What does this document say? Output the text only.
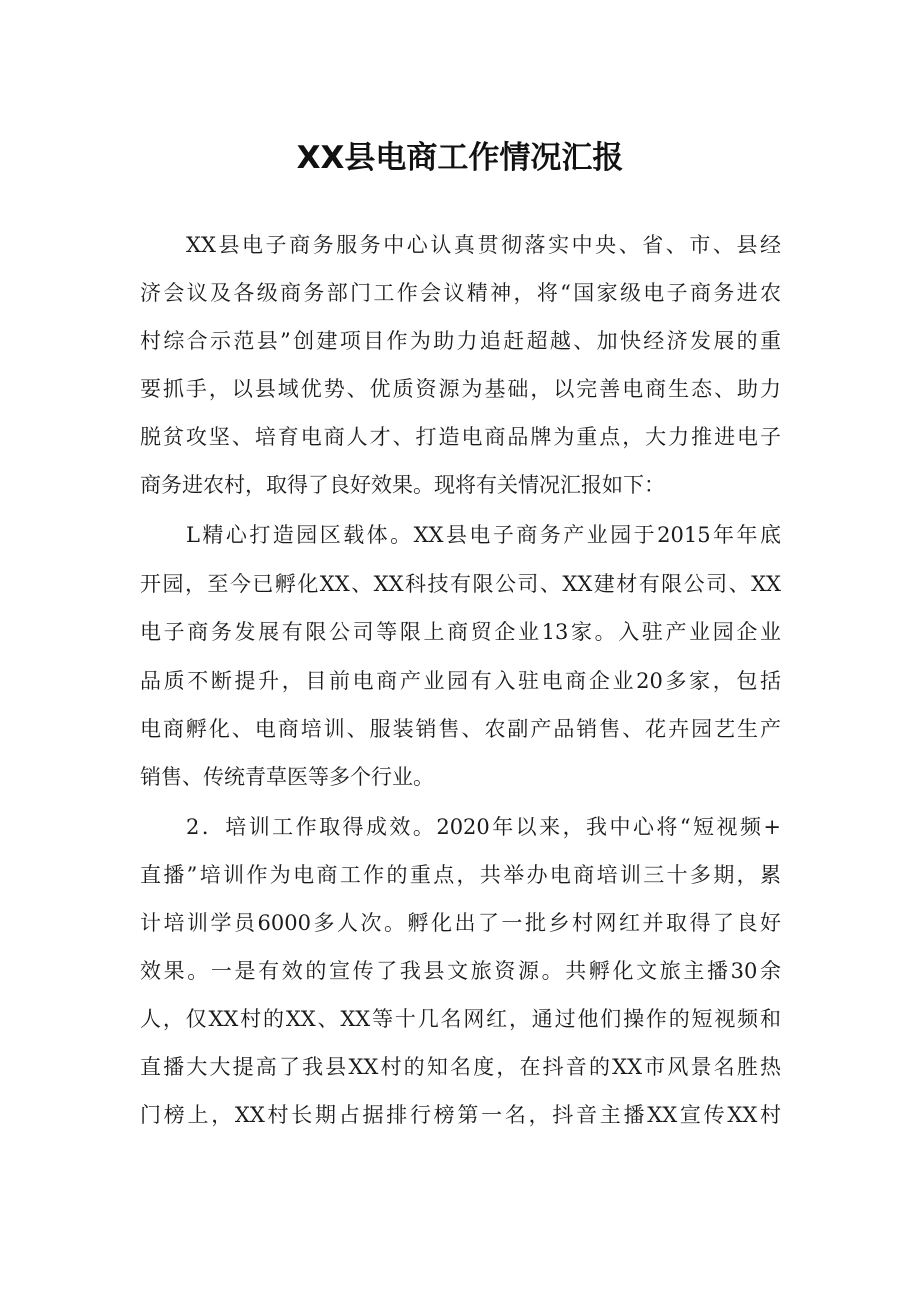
XX县电商工作情况汇报
XX县电子商务服务中心认真贯彻落实中央、省、市、县经
济会议及各级商务部门工作会议精神，将“国家级电子商务进农
村综合示范县”创建项目作为助力追赶超越、加快经济发展的重
要抓手，以县域优势、优质资源为基础，以完善电商生态、助力
脱贫攻坚、培育电商人才、打造电商品牌为重点，大力推进电子
商务进农村，取得了良好效果。现将有关情况汇报如下：
L精心打造园区载体。XX县电子商务产业园于2015年年底
开园，至今已孵化XX、XX科技有限公司、XX建材有限公司、XX
电子商务发展有限公司等限上商贸企业13家。入驻产业园企业
品质不断提升，目前电商产业园有入驻电商企业20多家，包括
电商孵化、电商培训、服装销售、农副产品销售、花卉园艺生产
销售、传统青草医等多个行业。
2．培训工作取得成效。2020年以来，我中心将“短视频+
直播”培训作为电商工作的重点，共举办电商培训三十多期，累
计培训学员6000多人次。孵化出了一批乡村网红并取得了良好
效果。一是有效的宣传了我县文旅资源。共孵化文旅主播30余
人，仅XX村的XX、XX等十几名网红，通过他们操作的短视频和
直播大大提高了我县XX村的知名度，在抖音的XX市风景名胜热
门榜上，XX村长期占据排行榜第一名，抖音主播XX宣传XX村
